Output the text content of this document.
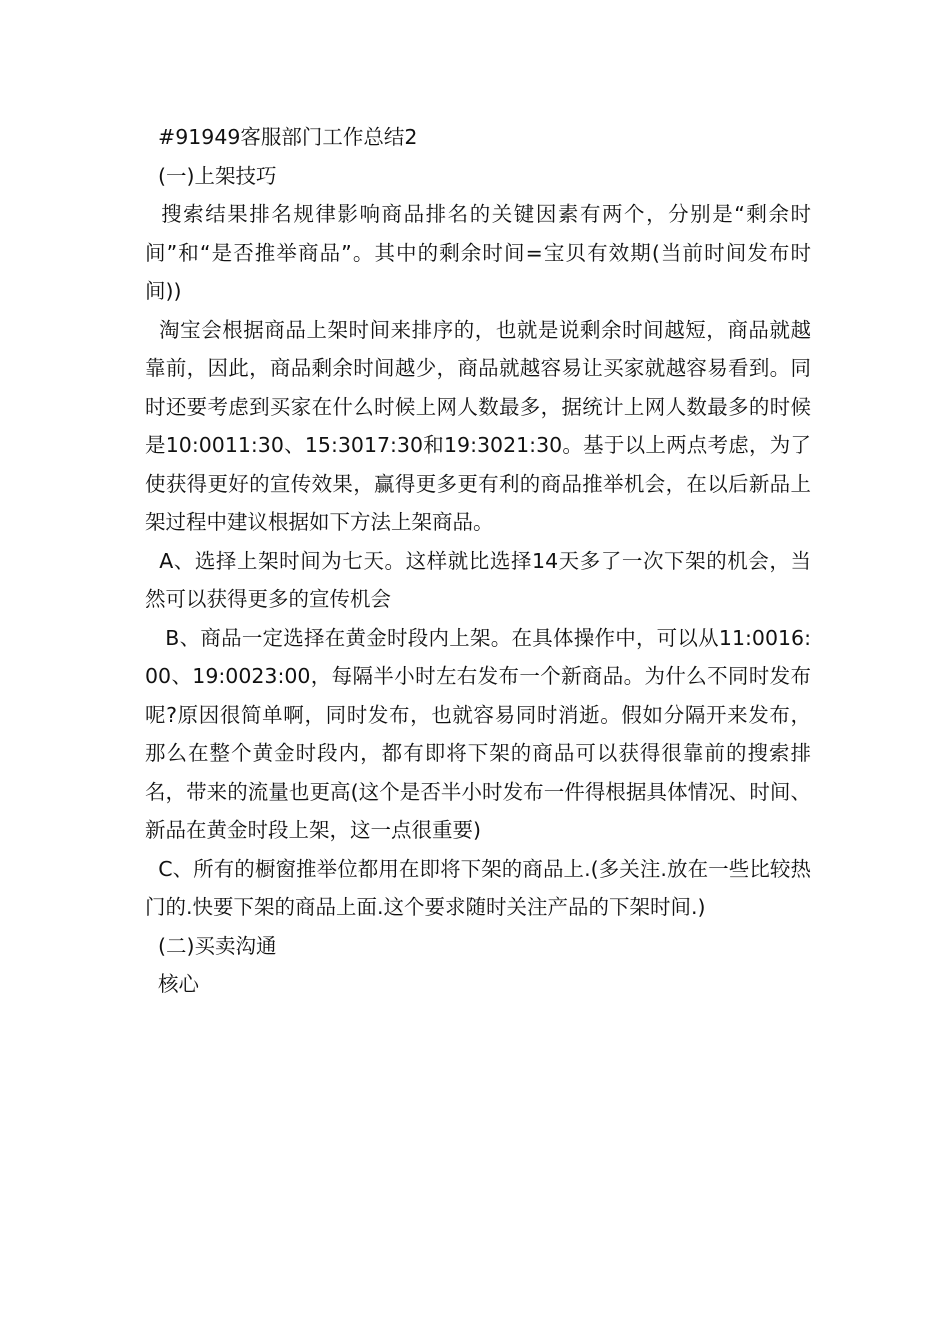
#91949客服部门工作总结2

(一)上架技巧

搜索结果排名规律影响商品排名的关键因素有两个，分别是“剩余时间”和“是否推举商品”。其中的剩余时间=宝贝有效期(当前时间发布时间))

淘宝会根据商品上架时间来排序的，也就是说剩余时间越短，商品就越靠前，因此，商品剩余时间越少，商品就越容易让买家就越容易看到。同时还要考虑到买家在什么时候上网人数最多，据统计上网人数最多的时候是10:0011:30、15:3017:30和19:3021:30。基于以上两点考虑，为了使获得更好的宣传效果，赢得更多更有利的商品推举机会，在以后新品上架过程中建议根据如下方法上架商品。

A、选择上架时间为七天。这样就比选择14天多了一次下架的机会，当然可以获得更多的宣传机会

B、商品一定选择在黄金时段内上架。在具体操作中，可以从11:0016:00、19:0023:00，每隔半小时左右发布一个新商品。为什么不同时发布呢?原因很简单啊，同时发布，也就容易同时消逝。假如分隔开来发布，那么在整个黄金时段内，都有即将下架的商品可以获得很靠前的搜索排名，带来的流量也更高(这个是否半小时发布一件得根据具体情况、时间、新品在黄金时段上架，这一点很重要)

C、所有的橱窗推举位都用在即将下架的商品上.(多关注.放在一些比较热门的.快要下架的商品上面.这个要求随时关注产品的下架时间.)

(二)买卖沟通

核心
